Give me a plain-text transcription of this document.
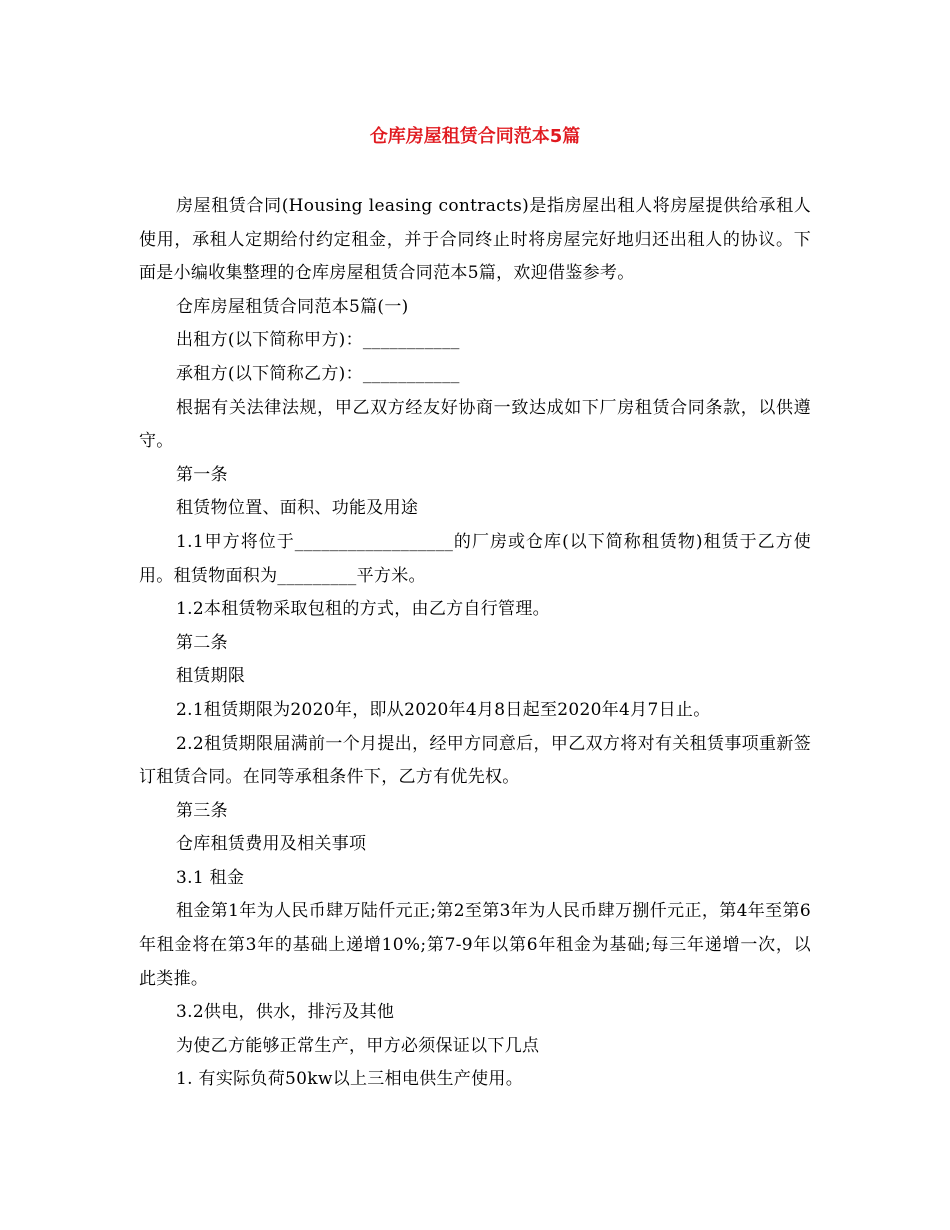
仓库房屋租赁合同范本5篇

房屋租赁合同(Housing leasing contracts)是指房屋出租人将房屋提供给承租人使用，承租人定期给付约定租金，并于合同终止时将房屋完好地归还出租人的协议。下面是小编收集整理的仓库房屋租赁合同范本5篇，欢迎借鉴参考。

仓库房屋租赁合同范本5篇(一)

出租方(以下简称甲方)：___________

承租方(以下简称乙方)：___________

根据有关法律法规，甲乙双方经友好协商一致达成如下厂房租赁合同条款，以供遵守。

第一条

租赁物位置、面积、功能及用途

1.1甲方将位于__________________的厂房或仓库(以下简称租赁物)租赁于乙方使用。租赁物面积为_________平方米。

1.2本租赁物采取包租的方式，由乙方自行管理。

第二条

租赁期限

2.1租赁期限为2020年，即从2020年4月8日起至2020年4月7日止。

2.2租赁期限届满前一个月提出，经甲方同意后，甲乙双方将对有关租赁事项重新签订租赁合同。在同等承租条件下，乙方有优先权。

第三条

仓库租赁费用及相关事项

3.1 租金

租金第1年为人民币肆万陆仟元正;第2至第3年为人民币肆万捌仟元正，第4年至第6年租金将在第3年的基础上递增10%;第7-9年以第6年租金为基础;每三年递增一次，以此类推。

3.2供电，供水，排污及其他

为使乙方能够正常生产，甲方必须保证以下几点

1. 有实际负荷50kw以上三相电供生产使用。
